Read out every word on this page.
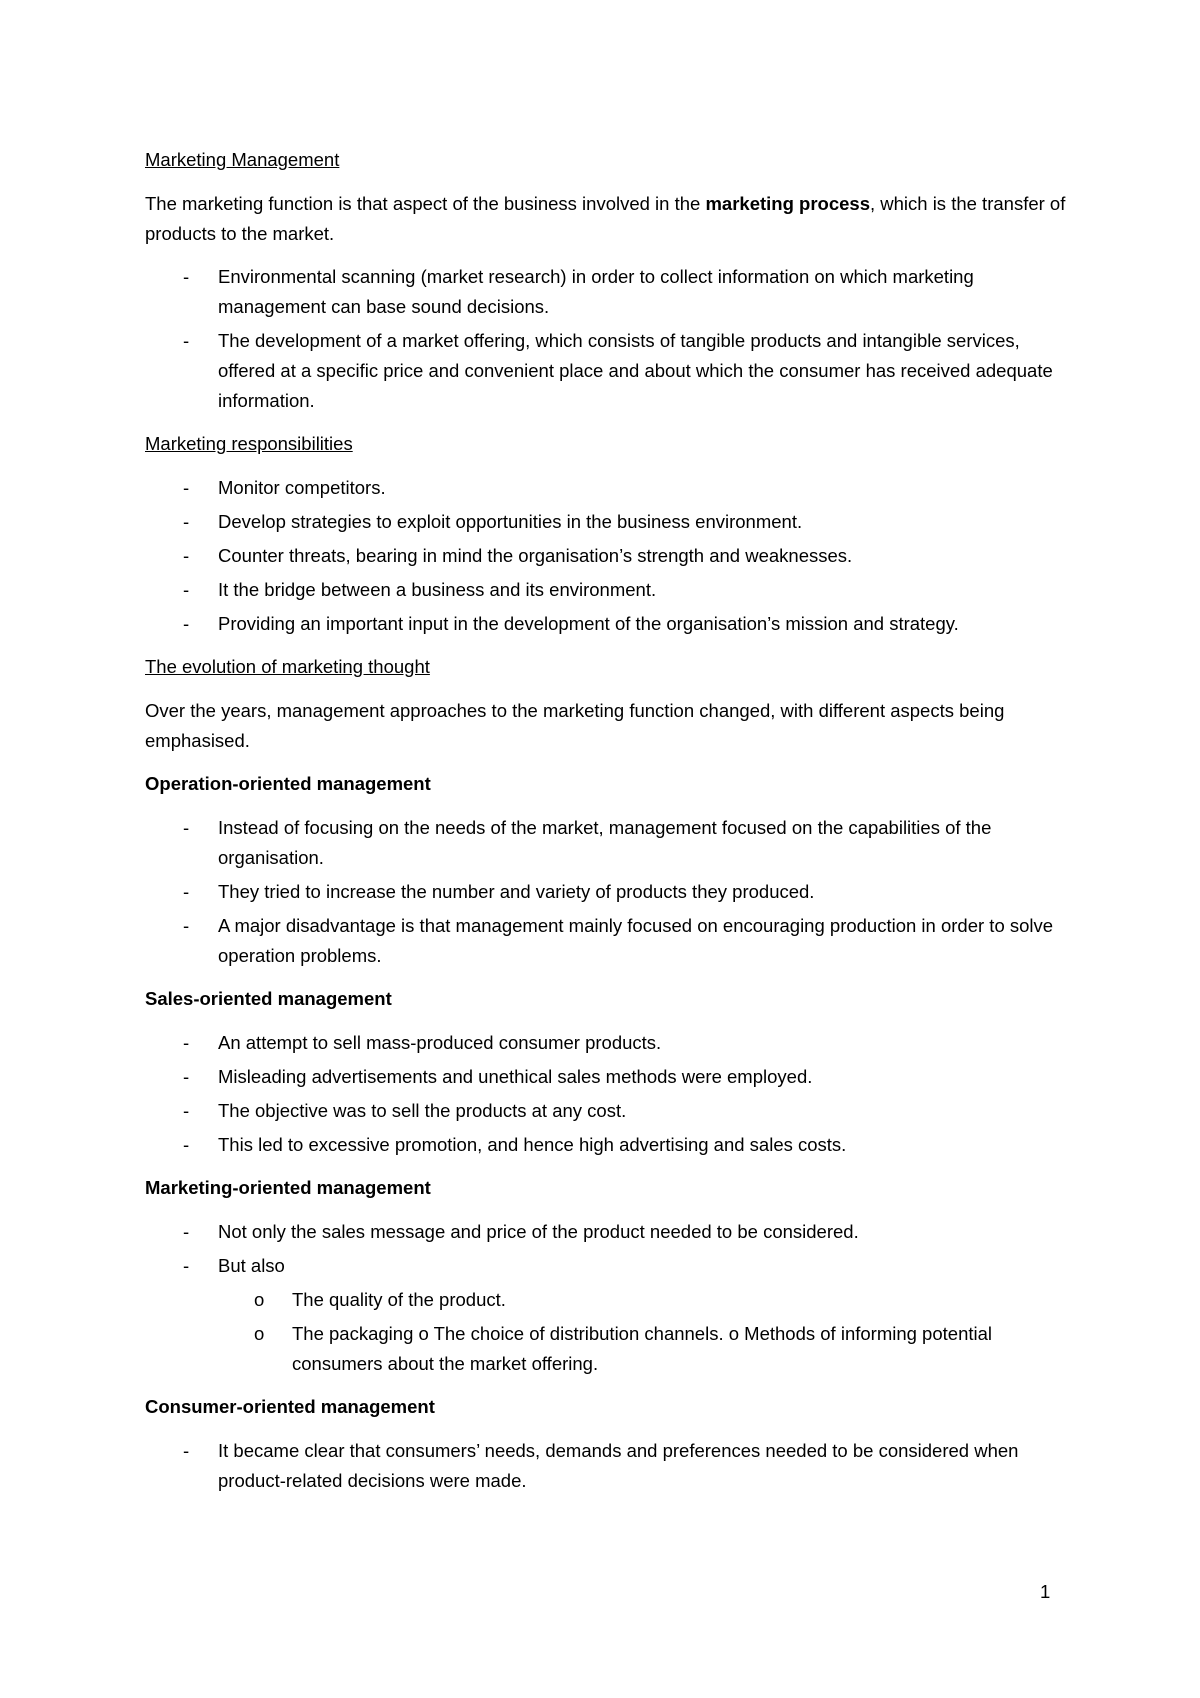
Marketing Management

The marketing function is that aspect of the business involved in the marketing process, which is the transfer of products to the market.

- Environmental scanning (market research) in order to collect information on which marketing management can base sound decisions.
- The development of a market offering, which consists of tangible products and intangible services, offered at a specific price and convenient place and about which the consumer has received adequate information.
Marketing responsibilities
- Monitor competitors.
- Develop strategies to exploit opportunities in the business environment.
- Counter threats, bearing in mind the organisation’s strength and weaknesses.
- It the bridge between a business and its environment.
- Providing an important input in the development of the organisation’s mission and strategy.
The evolution of marketing thought

Over the years, management approaches to the marketing function changed, with different aspects being emphasised.

Operation-oriented management
- Instead of focusing on the needs of the market, management focused on the capabilities of the organisation.
- They tried to increase the number and variety of products they produced.
- A major disadvantage is that management mainly focused on encouraging production in order to solve operation problems.
Sales-oriented management
- An attempt to sell mass-produced consumer products.
- Misleading advertisements and unethical sales methods were employed.
- The objective was to sell the products at any cost.
- This led to excessive promotion, and hence high advertising and sales costs.
Marketing-oriented management
- Not only the sales message and price of the product needed to be considered.
- But also
o The quality of the product.
o The packaging o The choice of distribution channels. o Methods of informing potential consumers about the market offering.
Consumer-oriented management
- It became clear that consumers’ needs, demands and preferences needed to be considered when product-related decisions were made.
1
